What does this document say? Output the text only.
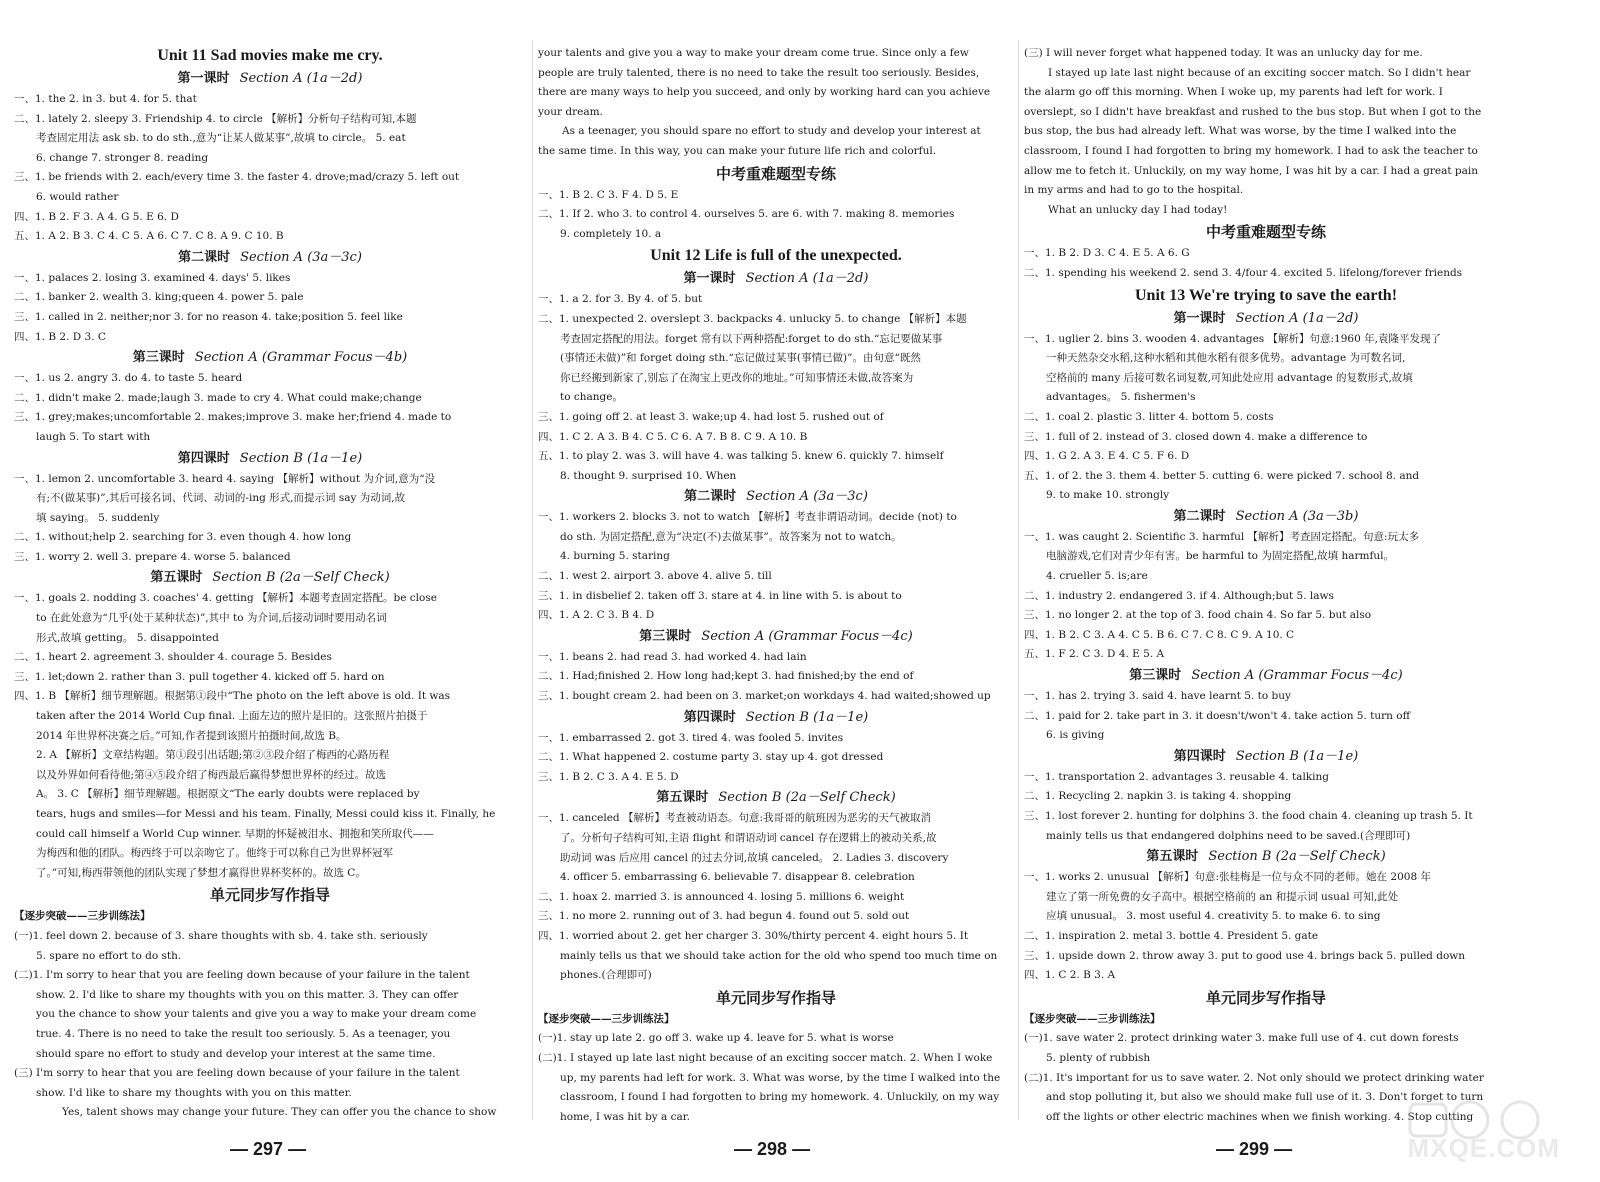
Unit 11 Sad movies make me cry.
第一课时 Section A (1a－2d)
一、1. the 2. in 3. but 4. for 5. that
二、1. lately 2. sleepy 3. Friendship 4. to circle 【解析】分析句子结构可知,本题
考查固定用法 ask sb. to do sth.,意为“让某人做某事”,故填 to circle。 5. eat
6. change 7. stronger 8. reading
三、1. be friends with 2. each/every time 3. the faster 4. drove;mad/crazy 5. left out
6. would rather
四、1. B 2. F 3. A 4. G 5. E 6. D
五、1. A 2. B 3. C 4. C 5. A 6. C 7. C 8. A 9. C 10. B
第二课时 Section A (3a－3c)
一、1. palaces 2. losing 3. examined 4. days' 5. likes
二、1. banker 2. wealth 3. king;queen 4. power 5. pale
三、1. called in 2. neither;nor 3. for no reason 4. take;position 5. feel like
四、1. B 2. D 3. C
第三课时 Section A (Grammar Focus－4b)
一、1. us 2. angry 3. do 4. to taste 5. heard
二、1. didn't make 2. made;laugh 3. made to cry 4. What could make;change
三、1. grey;makes;uncomfortable 2. makes;improve 3. make her;friend 4. made to
laugh 5. To start with
第四课时 Section B (1a－1e)
一、1. lemon 2. uncomfortable 3. heard 4. saying 【解析】without 为介词,意为“没
有;不(做某事)”,其后可接名词、代词、动词的-ing 形式,而提示词 say 为动词,故
填 saying。 5. suddenly
二、1. without;help 2. searching for 3. even though 4. how long
三、1. worry 2. well 3. prepare 4. worse 5. balanced
第五课时 Section B (2a－Self Check)
一、1. goals 2. nodding 3. coaches' 4. getting 【解析】本题考查固定搭配。be close
to 在此处意为“几乎(处于某种状态)”,其中 to 为介词,后接动词时要用动名词
形式,故填 getting。 5. disappointed
二、1. heart 2. agreement 3. shoulder 4. courage 5. Besides
三、1. let;down 2. rather than 3. pull together 4. kicked off 5. hard on
四、1. B 【解析】细节理解题。根据第①段中“The photo on the left above is old. It was
taken after the 2014 World Cup final. 上面左边的照片是旧的。这张照片拍摄于
2014 年世界杯决赛之后。”可知,作者提到该照片拍摄时间,故选 B。
2. A 【解析】文章结构题。第①段引出话题;第②③段介绍了梅西的心路历程
以及外界如何看待他;第④⑤段介绍了梅西最后赢得梦想世界杯的经过。故选
A。 3. C 【解析】细节理解题。根据原文“The early doubts were replaced by
tears, hugs and smiles—for Messi and his team. Finally, Messi could kiss it. Finally, he
could call himself a World Cup winner. 早期的怀疑被泪水、拥抱和笑所取代——
为梅西和他的团队。梅西终于可以亲吻它了。他终于可以称自己为世界杯冠军
了。”可知,梅西带领他的团队实现了梦想才赢得世界杯奖杯的。故选 C。
单元同步写作指导
【逐步突破——三步训练法】
(一)1. feel down 2. because of 3. share thoughts with sb. 4. take sth. seriously
5. spare no effort to do sth.
(二)1. I'm sorry to hear that you are feeling down because of your failure in the talent
show. 2. I'd like to share my thoughts with you on this matter. 3. They can offer
you the chance to show your talents and give you a way to make your dream come
true. 4. There is no need to take the result too seriously. 5. As a teenager, you
should spare no effort to study and develop your interest at the same time.
(三) I'm sorry to hear that you are feeling down because of your failure in the talent
show. I'd like to share my thoughts with you on this matter.
Yes, talent shows may change your future. They can offer you the chance to show
your talents and give you a way to make your dream come true. Since only a few
people are truly talented, there is no need to take the result too seriously. Besides,
there are many ways to help you succeed, and only by working hard can you achieve
your dream.
As a teenager, you should spare no effort to study and develop your interest at
the same time. In this way, you can make your future life rich and colorful.
中考重难题型专练
一、1. B 2. C 3. F 4. D 5. E
二、1. If 2. who 3. to control 4. ourselves 5. are 6. with 7. making 8. memories
9. completely 10. a
Unit 12 Life is full of the unexpected.
第一课时 Section A (1a－2d)
一、1. a 2. for 3. By 4. of 5. but
二、1. unexpected 2. overslept 3. backpacks 4. unlucky 5. to change 【解析】本题
考查固定搭配的用法。forget 常有以下两种搭配:forget to do sth.“忘记要做某事
(事情还未做)”和 forget doing sth.“忘记做过某事(事情已做)”。由句意“既然
你已经搬到新家了,别忘了在淘宝上更改你的地址。”可知事情还未做,故答案为
to change。
三、1. going off 2. at least 3. wake;up 4. had lost 5. rushed out of
四、1. C 2. A 3. B 4. C 5. C 6. A 7. B 8. C 9. A 10. B
五、1. to play 2. was 3. will have 4. was talking 5. knew 6. quickly 7. himself
8. thought 9. surprised 10. When
第二课时 Section A (3a－3c)
一、1. workers 2. blocks 3. not to watch 【解析】考查非谓语动词。decide (not) to
do sth. 为固定搭配,意为“决定(不)去做某事”。故答案为 not to watch。
4. burning 5. staring
二、1. west 2. airport 3. above 4. alive 5. till
三、1. in disbelief 2. taken off 3. stare at 4. in line with 5. is about to
四、1. A 2. C 3. B 4. D
第三课时 Section A (Grammar Focus－4c)
一、1. beans 2. had read 3. had worked 4. had lain
二、1. Had;finished 2. How long had;kept 3. had finished;by the end of
三、1. bought cream 2. had been on 3. market;on workdays 4. had waited;showed up
第四课时 Section B (1a－1e)
一、1. embarrassed 2. got 3. tired 4. was fooled 5. invites
二、1. What happened 2. costume party 3. stay up 4. got dressed
三、1. B 2. C 3. A 4. E 5. D
第五课时 Section B (2a－Self Check)
一、1. canceled 【解析】考查被动语态。句意:我哥哥的航班因为恶劣的天气被取消
了。分析句子结构可知,主语 flight 和谓语动词 cancel 存在逻辑上的被动关系,故
助动词 was 后应用 cancel 的过去分词,故填 canceled。 2. Ladies 3. discovery
4. officer 5. embarrassing 6. believable 7. disappear 8. celebration
二、1. hoax 2. married 3. is announced 4. losing 5. millions 6. weight
三、1. no more 2. running out of 3. had begun 4. found out 5. sold out
四、1. worried about 2. get her charger 3. 30%/thirty percent 4. eight hours 5. It
mainly tells us that we should take action for the old who spend too much time on
phones.(合理即可)
单元同步写作指导
【逐步突破——三步训练法】
(一)1. stay up late 2. go off 3. wake up 4. leave for 5. what is worse
(二)1. I stayed up late last night because of an exciting soccer match. 2. When I woke
up, my parents had left for work. 3. What was worse, by the time I walked into the
classroom, I found I had forgotten to bring my homework. 4. Unluckily, on my way
home, I was hit by a car.
(三) I will never forget what happened today. It was an unlucky day for me.
I stayed up late last night because of an exciting soccer match. So I didn't hear
the alarm go off this morning. When I woke up, my parents had left for work. I
overslept, so I didn't have breakfast and rushed to the bus stop. But when I got to the
bus stop, the bus had already left. What was worse, by the time I walked into the
classroom, I found I had forgotten to bring my homework. I had to ask the teacher to
allow me to fetch it. Unluckily, on my way home, I was hit by a car. I had a great pain
in my arms and had to go to the hospital.
What an unlucky day I had today!
中考重难题型专练
一、1. B 2. D 3. C 4. E 5. A 6. G
二、1. spending his weekend 2. send 3. 4/four 4. excited 5. lifelong/forever friends
Unit 13 We're trying to save the earth!
第一课时 Section A (1a－2d)
一、1. uglier 2. bins 3. wooden 4. advantages 【解析】句意:1960 年,袁隆平发现了
一种天然杂交水稻,这种水稻和其他水稻有很多优势。advantage 为可数名词,
空格前的 many 后接可数名词复数,可知此处应用 advantage 的复数形式,故填
advantages。 5. fishermen's
二、1. coal 2. plastic 3. litter 4. bottom 5. costs
三、1. full of 2. instead of 3. closed down 4. make a difference to
四、1. G 2. A 3. E 4. C 5. F 6. D
五、1. of 2. the 3. them 4. better 5. cutting 6. were picked 7. school 8. and
9. to make 10. strongly
第二课时 Section A (3a－3b)
一、1. was caught 2. Scientific 3. harmful 【解析】考查固定搭配。句意:玩太多
电脑游戏,它们对青少年有害。be harmful to 为固定搭配,故填 harmful。
4. crueller 5. is;are
二、1. industry 2. endangered 3. if 4. Although;but 5. laws
三、1. no longer 2. at the top of 3. food chain 4. So far 5. but also
四、1. B 2. C 3. A 4. C 5. B 6. C 7. C 8. C 9. A 10. C
五、1. F 2. C 3. D 4. E 5. A
第三课时 Section A (Grammar Focus－4c)
一、1. has 2. trying 3. said 4. have learnt 5. to buy
二、1. paid for 2. take part in 3. it doesn't/won't 4. take action 5. turn off
6. is giving
第四课时 Section B (1a－1e)
一、1. transportation 2. advantages 3. reusable 4. talking
二、1. Recycling 2. napkin 3. is taking 4. shopping
三、1. lost forever 2. hunting for dolphins 3. the food chain 4. cleaning up trash 5. It
mainly tells us that endangered dolphins need to be saved.(合理即可)
第五课时 Section B (2a－Self Check)
一、1. works 2. unusual 【解析】句意:张桂梅是一位与众不同的老师。她在 2008 年
建立了第一所免费的女子高中。根据空格前的 an 和提示词 usual 可知,此处
应填 unusual。 3. most useful 4. creativity 5. to make 6. to sing
二、1. inspiration 2. metal 3. bottle 4. President 5. gate
三、1. upside down 2. throw away 3. put to good use 4. brings back 5. pulled down
四、1. C 2. B 3. A
单元同步写作指导
【逐步突破——三步训练法】
(一)1. save water 2. protect drinking water 3. make full use of 4. cut down forests
5. plenty of rubbish
(二)1. It's important for us to save water. 2. Not only should we protect drinking water
and stop polluting it, but also we should make full use of it. 3. Don't forget to turn
off the lights or other electric machines when we finish working. 4. Stop cutting
— 297 —	— 298 —	— 299 —	MXQE.COM
